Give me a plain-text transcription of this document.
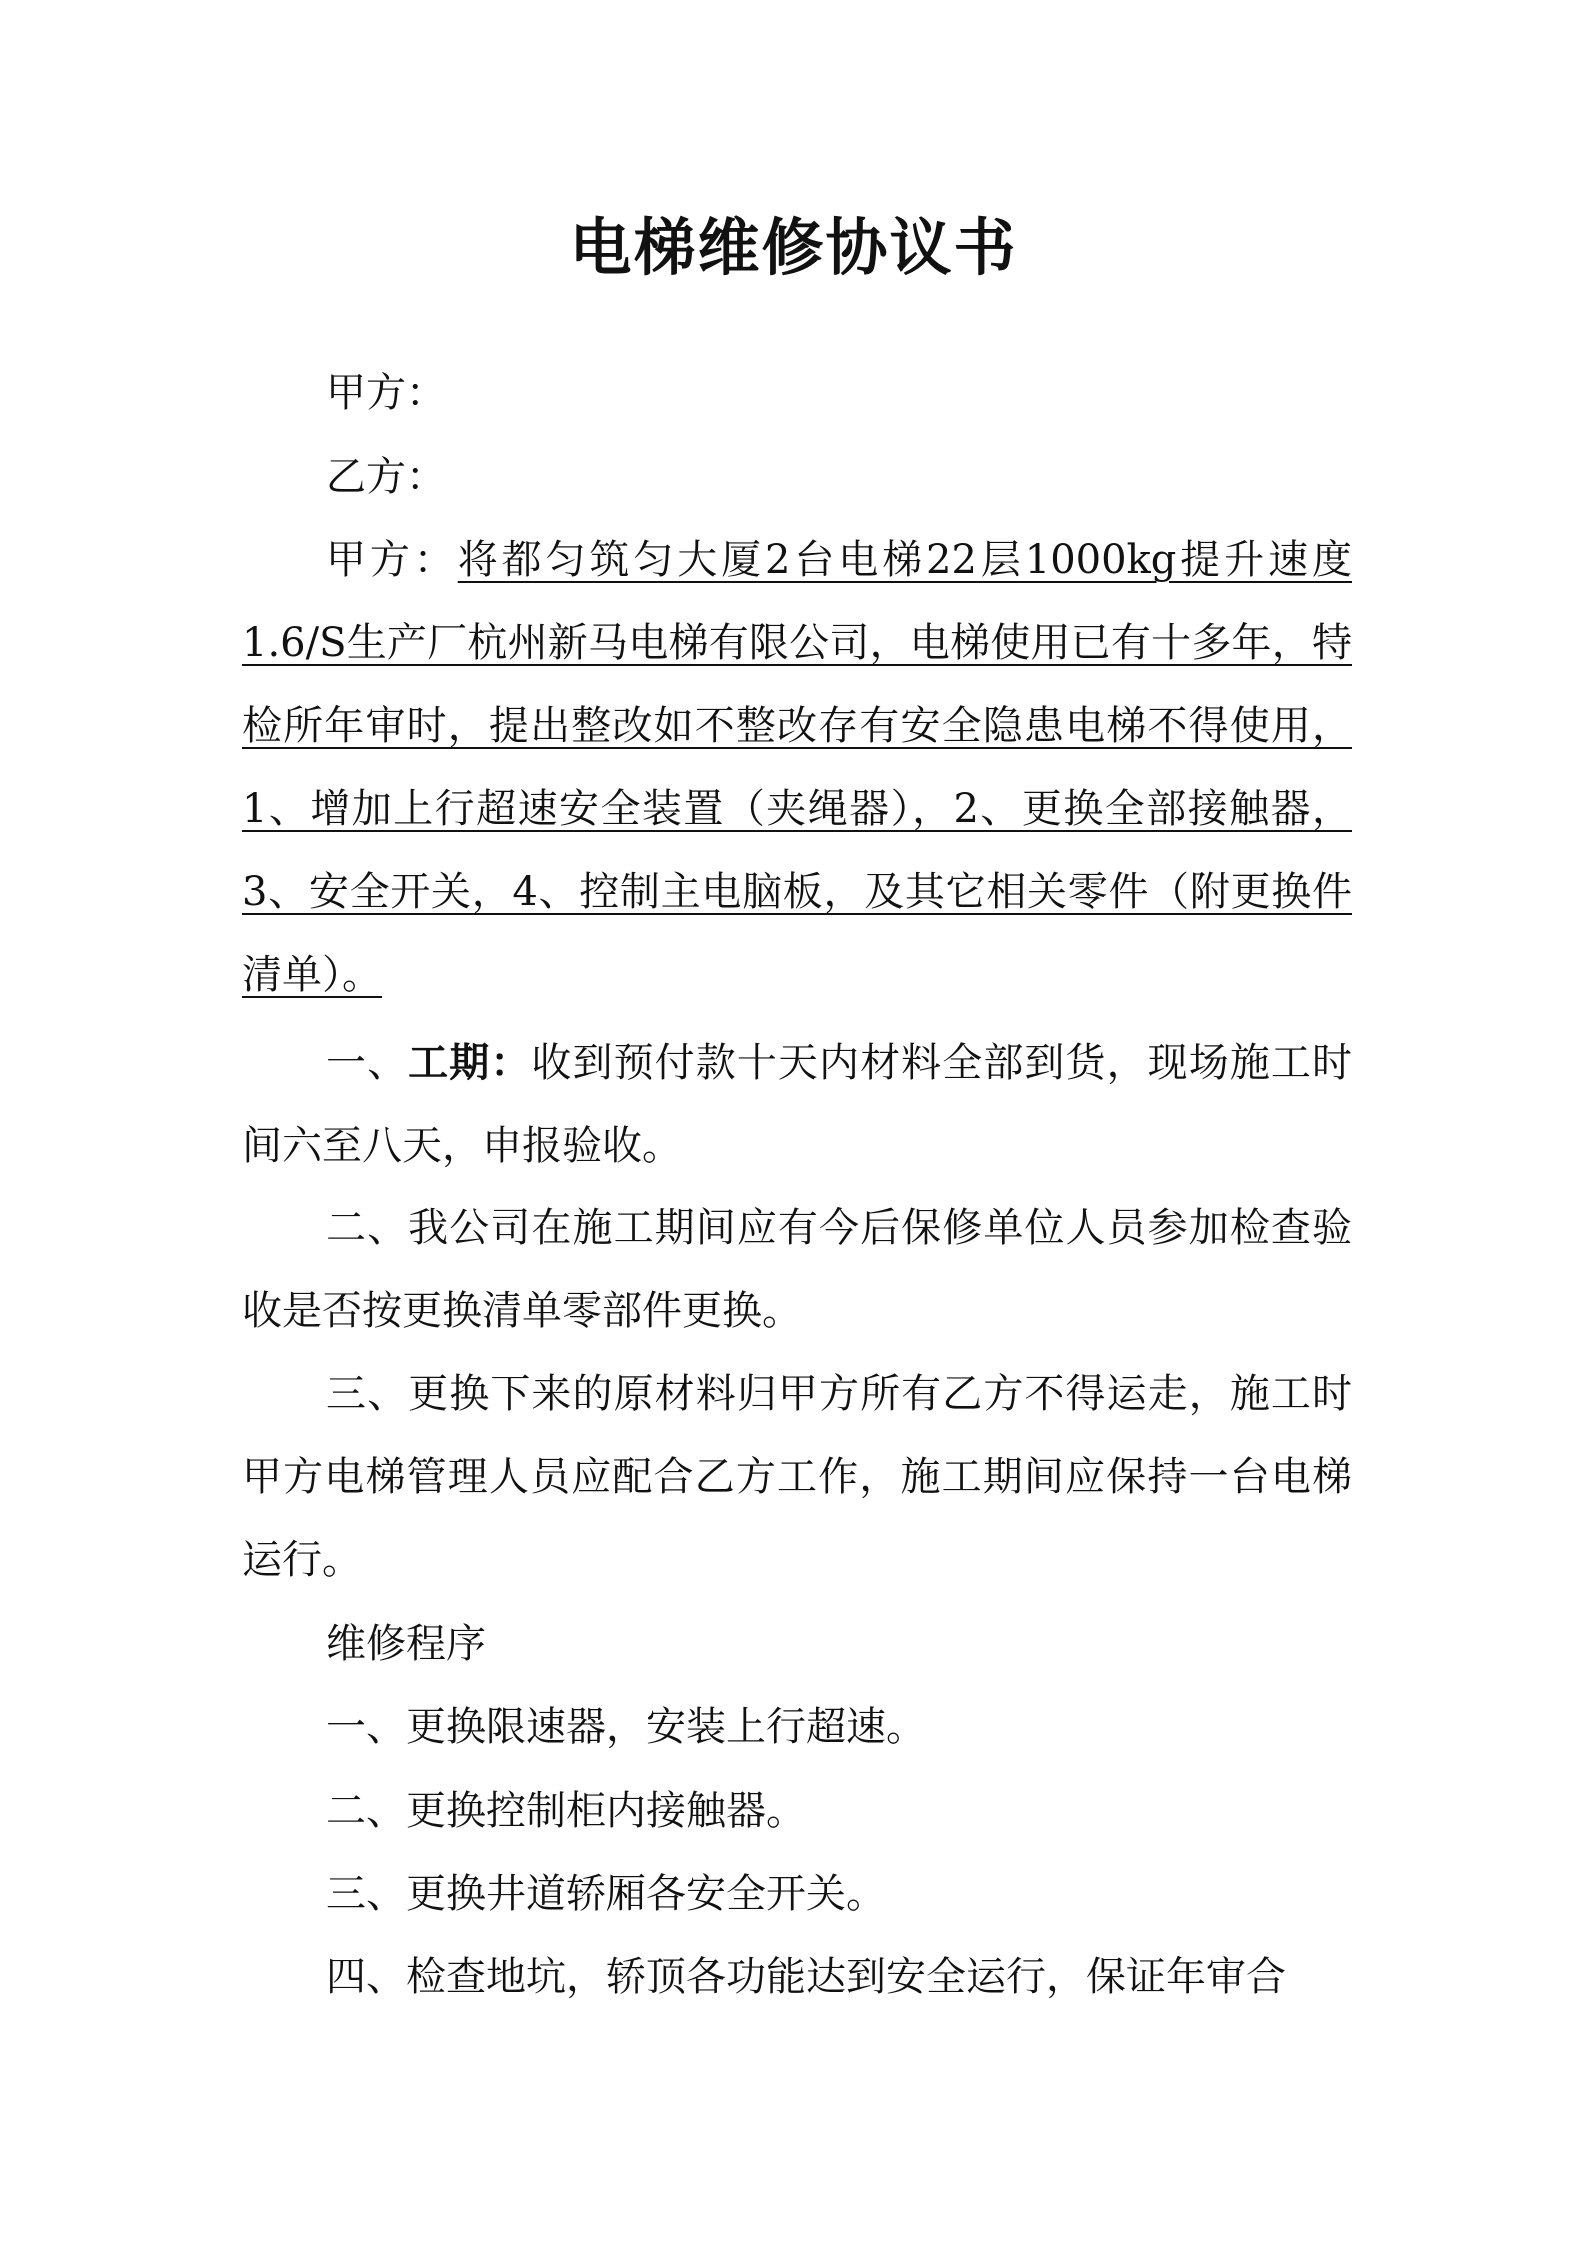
电梯维修协议书
甲方：
乙方：

甲方：将都匀筑匀大厦2台电梯22层1000kg提升速度1.6/S生产厂杭州新马电梯有限公司，电梯使用已有十多年，特检所年审时，提出整改如不整改存有安全隐患电梯不得使用，1、增加上行超速安全装置（夹绳器），2、更换全部接触器，3、安全开关，4、控制主电脑板，及其它相关零件（附更换件清单）。

一、工期：收到预付款十天内材料全部到货，现场施工时间六至八天，申报验收。

二、我公司在施工期间应有今后保修单位人员参加检查验收是否按更换清单零部件更换。

三、更换下来的原材料归甲方所有乙方不得运走，施工时甲方电梯管理人员应配合乙方工作，施工期间应保持一台电梯运行。

维修程序
一、更换限速器，安装上行超速。
二、更换控制柜内接触器。
三、更换井道轿厢各安全开关。
四、检查地坑，轿顶各功能达到安全运行，保证年审合
